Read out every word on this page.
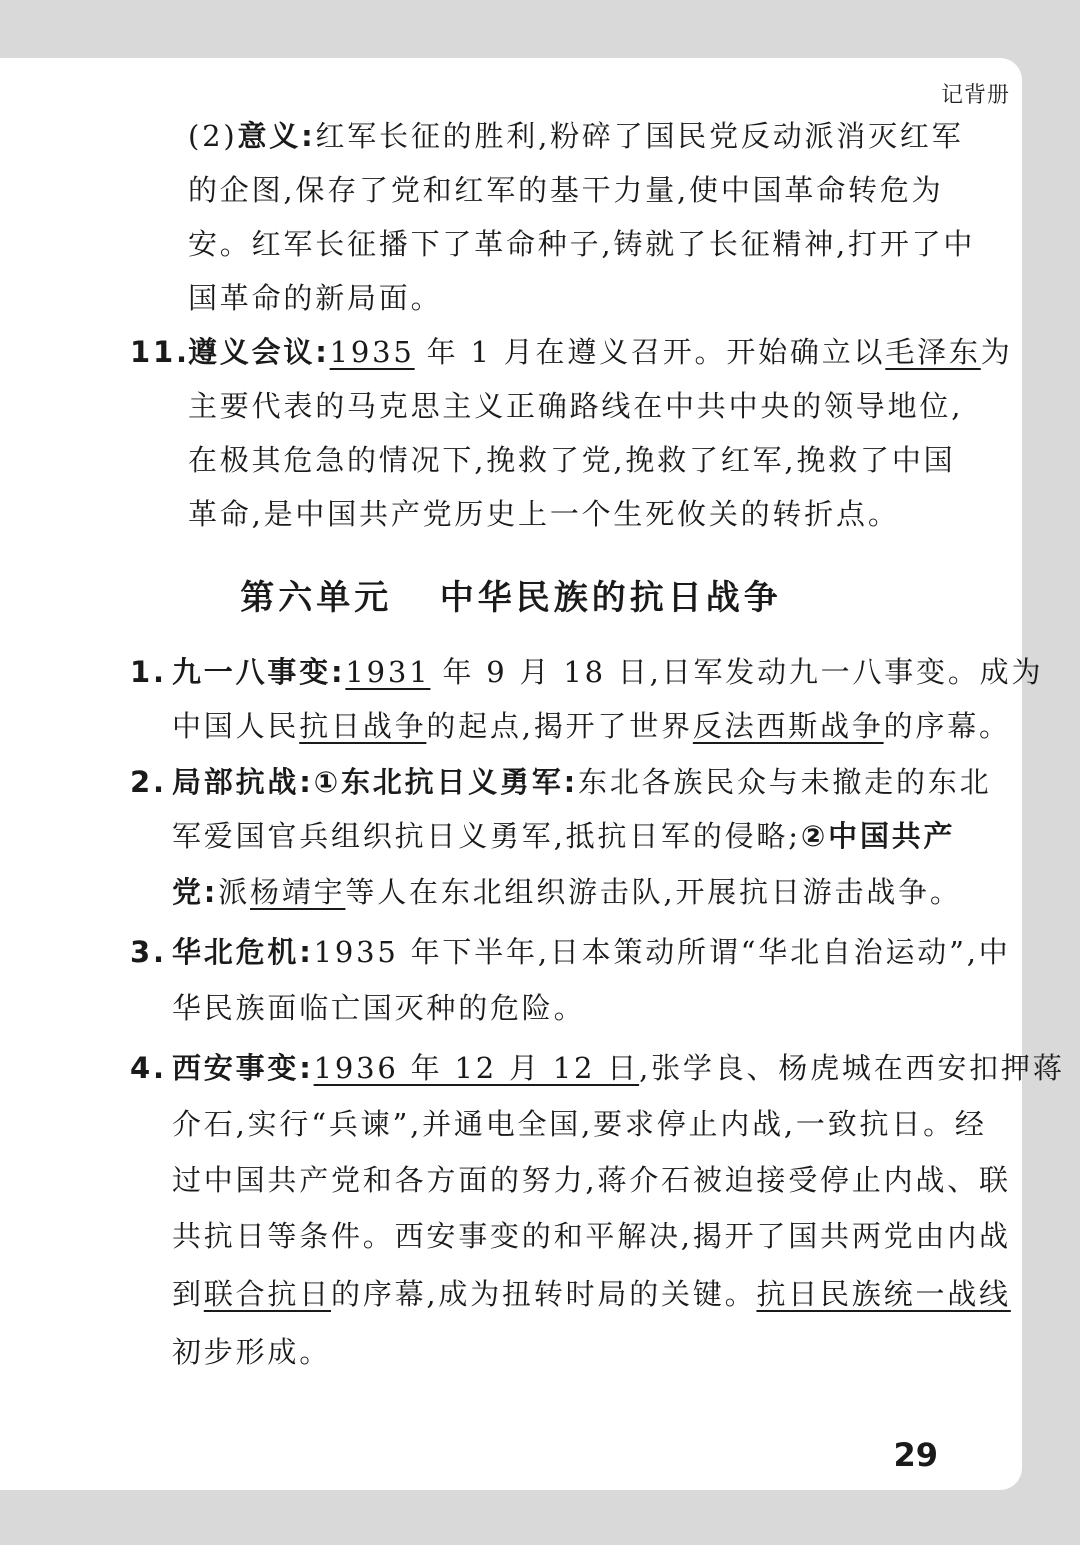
记背册
(2)意义:红军长征的胜利,粉碎了国民党反动派消灭红军
的企图,保存了党和红军的基干力量,使中国革命转危为
安。红军长征播下了革命种子,铸就了长征精神,打开了中
国革命的新局面。
11.
遵义会议:1935 年 1 月在遵义召开。开始确立以毛泽东为
主要代表的马克思主义正确路线在中共中央的领导地位,
在极其危急的情况下,挽救了党,挽救了红军,挽救了中国
革命,是中国共产党历史上一个生死攸关的转折点。
第六单元   中华民族的抗日战争
1. 九一八事变:1931 年 9 月 18 日,日军发动九一八事变。成为
中国人民抗日战争的起点,揭开了世界反法西斯战争的序幕。
2. 局部抗战:①东北抗日义勇军:东北各族民众与未撤走的东北
军爱国官兵组织抗日义勇军,抵抗日军的侵略;②中国共产
党:派杨靖宇等人在东北组织游击队,开展抗日游击战争。
3. 华北危机:1935 年下半年,日本策动所谓“华北自治运动”,中
华民族面临亡国灭种的危险。
4. 西安事变:1936 年 12 月 12 日,张学良、杨虎城在西安扣押蒋
介石,实行“兵谏”,并通电全国,要求停止内战,一致抗日。经
过中国共产党和各方面的努力,蒋介石被迫接受停止内战、联
共抗日等条件。西安事变的和平解决,揭开了国共两党由内战
到联合抗日的序幕,成为扭转时局的关键。抗日民族统一战线
初步形成。
29
